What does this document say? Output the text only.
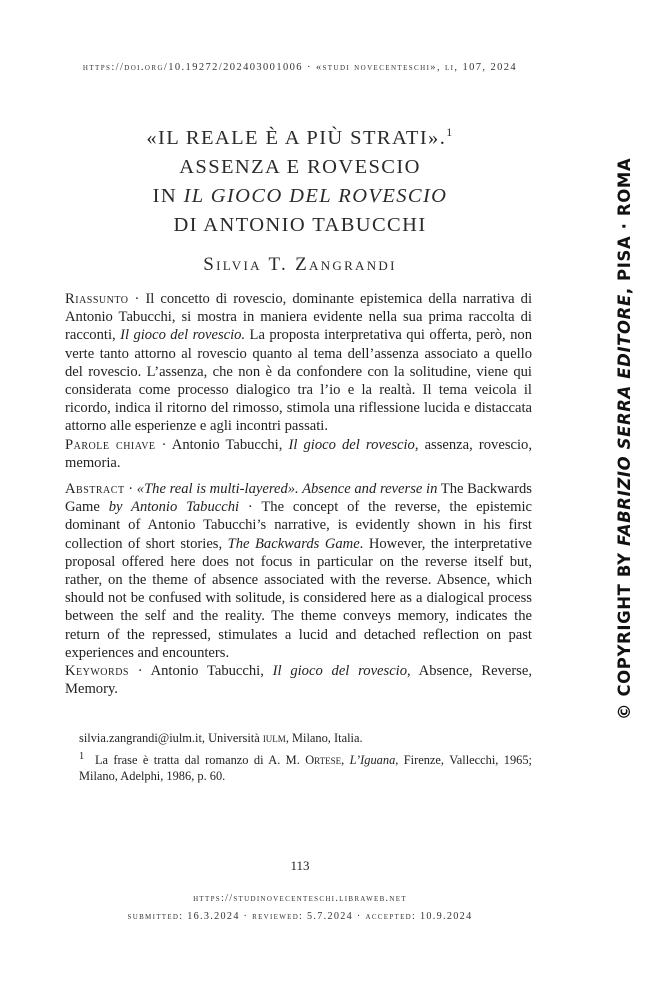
https://doi.org/10.19272/202403001006 · «studi novecenteschi», li, 107, 2024
«IL REALE È A PIÙ STRATI».$^1$
ASSENZA E ROVESCIO
IN IL GIOCO DEL ROVESCIO
DI ANTONIO TABUCCHI
Silvia T. Zangrandi
© COPYRIGHT BY FABRIZIO SERRA EDITORE, PISA · ROMA

Riassunto · Il concetto di rovescio, dominante epistemica della narrativa di Antonio Tabucchi, si mostra in maniera evidente nella sua prima raccolta di racconti, Il gioco del rovescio. La proposta interpretativa qui offerta, però, non verte tanto attorno al rovescio quanto al tema dell’assenza associato a quello del rovescio. L’assenza, che non è da confondere con la solitudine, viene qui considerata come processo dialogico tra l’io e la realtà. Il tema veicola il ricordo, indica il ritorno del rimosso, stimola una riflessione lucida e distaccata attorno alle esperienze e agli incontri passati.

Parole chiave · Antonio Tabucchi, Il gioco del rovescio, assenza, rovescio, memoria.

Abstract · «The real is multi-layered». Absence and reverse in The Backwards Game by Antonio Tabucchi · The concept of the reverse, the epistemic dominant of Antonio Tabucchi’s narrative, is evidently shown in his first collection of short stories, The Backwards Game. However, the interpretative proposal offered here does not focus in particular on the reverse itself but, rather, on the theme of absence associated with the reverse. Absence, which should not be confused with solitude, is considered here as a dialogical process between the self and the reality. The theme conveys memory, indicates the return of the repressed, stimulates a lucid and detached reflection on past experiences and encounters.

Keywords · Antonio Tabucchi, Il gioco del rovescio, Absence, Reverse, Memory.

silvia.zangrandi@iulm.it, Università iulm, Milano, Italia.

$^1$ La frase è tratta dal romanzo di A. M. Ortese, L’Iguana, Firenze, Vallecchi, 1965; Milano, Adelphi, 1986, p. 60.

113
https://studinovecenteschi.libraweb.net
submitted: 16.3.2024 · reviewed: 5.7.2024 · accepted: 10.9.2024
